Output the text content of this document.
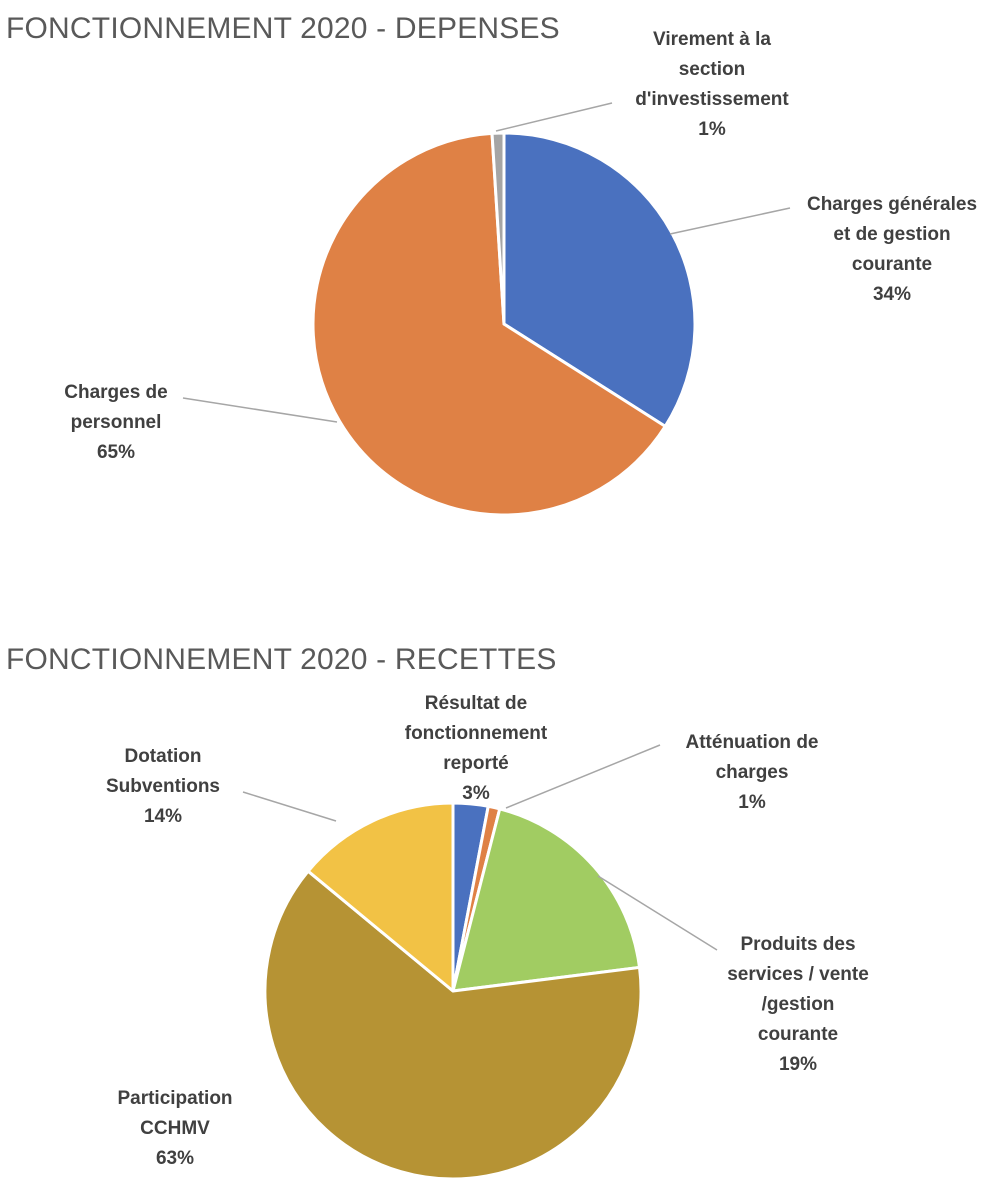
FONCTIONNEMENT 2020 - DEPENSES
FONCTIONNEMENT 2020 - RECETTES
Charges générales
et de gestion
courante
34%
Charges de
personnel
65%
Virement à la
section
d'investissement
1%
Résultat de
fonctionnement
reporté
3%
Atténuation de
charges
1%
Produits des
services / vente
/gestion
courante
19%
Participation
CCHMV
63%
Dotation
Subventions
14%
